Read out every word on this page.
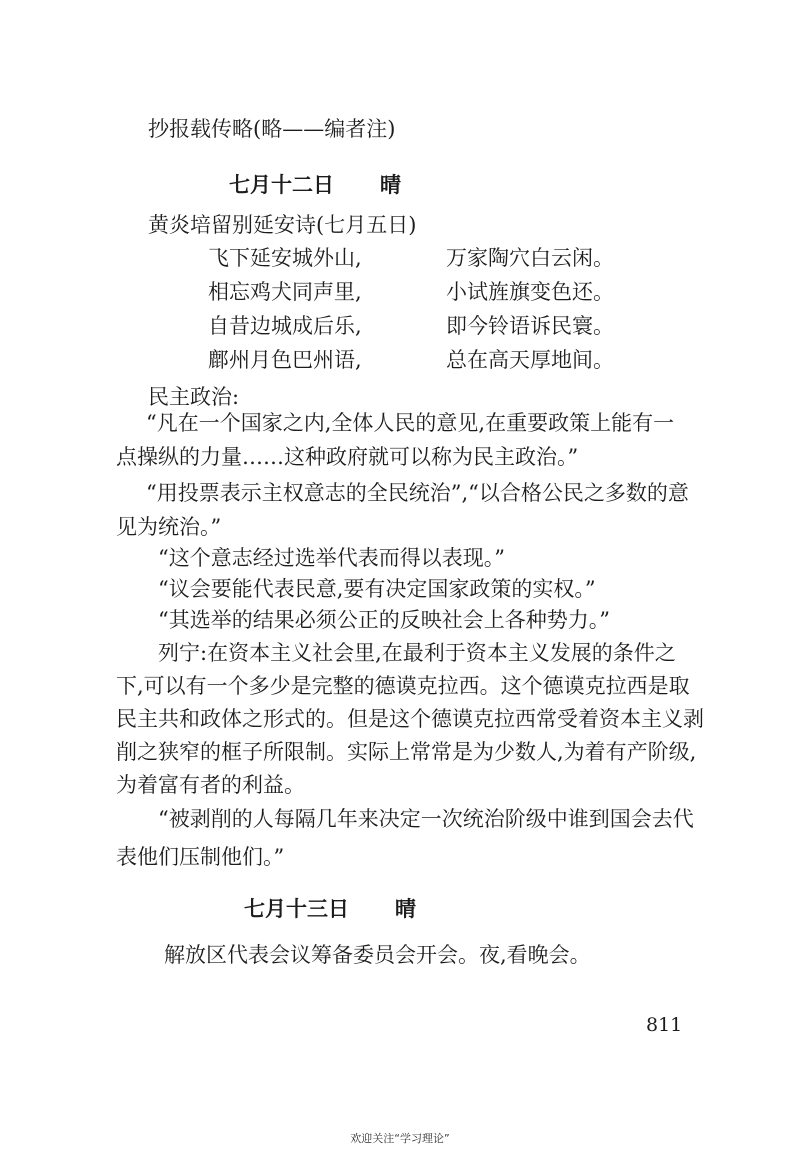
抄报载传略(略——编者注)
七月十二日 晴
黄炎培留别延安诗(七月五日)
飞下延安城外山,	万家陶穴白云闲。
相忘鸡犬同声里,	小试旌旗变色还。
自昔边城成后乐,	即今铃语诉民寰。
鄜州月色巴州语,	总在高天厚地间。
民主政治:
“凡在一个国家之内,全体人民的意见,在重要政策上能有一
点操纵的力量……这种政府就可以称为民主政治。”
“用投票表示主权意志的全民统治”,“以合格公民之多数的意
见为统治。”
“这个意志经过选举代表而得以表现。”
“议会要能代表民意,要有决定国家政策的实权。”
“其选举的结果必须公正的反映社会上各种势力。”
列宁:在资本主义社会里,在最利于资本主义发展的条件之
下,可以有一个多少是完整的德谟克拉西。这个德谟克拉西是取
民主共和政体之形式的。但是这个德谟克拉西常受着资本主义剥
削之狭窄的框子所限制。实际上常常是为少数人,为着有产阶级,
为着富有者的利益。
“被剥削的人每隔几年来决定一次统治阶级中谁到国会去代
表他们压制他们。”
七月十三日 晴
解放区代表会议筹备委员会开会。夜,看晚会。
811
欢迎关注“学习理论”
